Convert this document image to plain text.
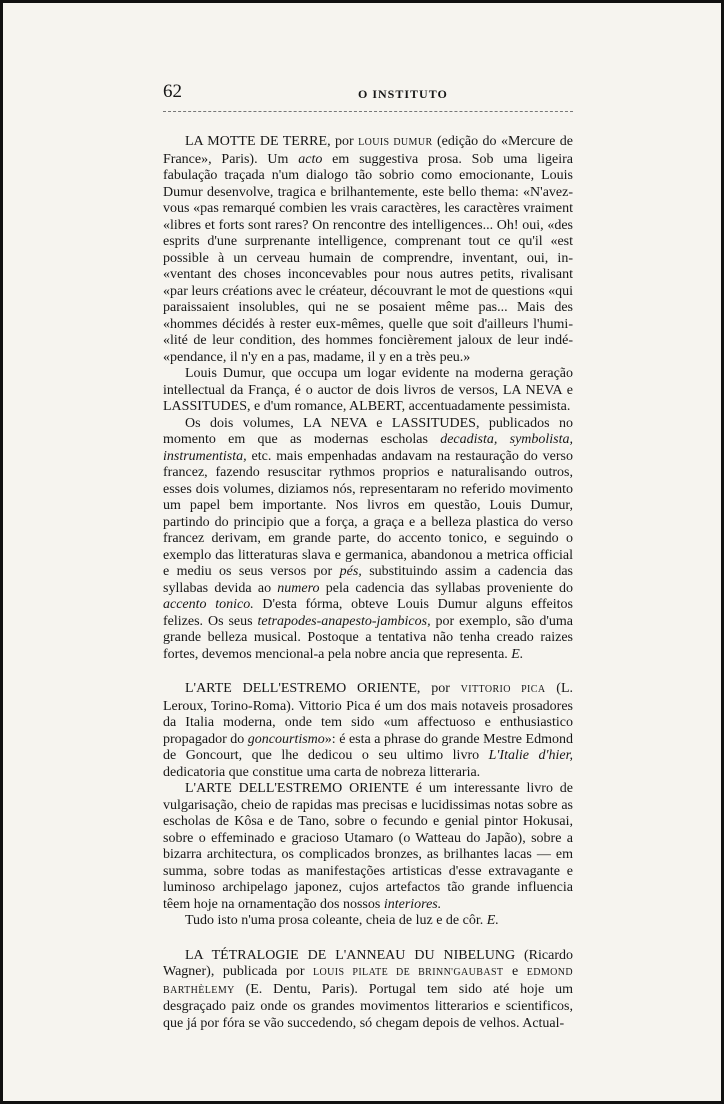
62	O INSTITUTO

LA MOTTE DE TERRE, por LOUIS DUMUR (edição do «Mercure de France», Paris). Um acto em suggestiva prosa. Sob uma ligeira fabulação traçada n'um dialogo tão sobrio como emocionante, Louis Dumur desenvolve, tragica e brilhantemente, este bello thema: «N'avez-vous «pas remarqué combien les vrais caractères, les caractères vraiment «libres et forts sont rares? On rencontre des intelligences... Oh! oui, «des esprits d'une surprenante intelligence, comprenant tout ce qu'il «est possible à un cerveau humain de comprendre, inventant, oui, in- «ventant des choses inconcevables pour nous autres petits, rivalisant «par leurs créations avec le créateur, découvrant le mot de questions «qui paraissaient insolubles, qui ne se posaient même pas... Mais des «hommes décidés à rester eux-mêmes, quelle que soit d'ailleurs l'humi- «lité de leur condition, des hommes foncièrement jaloux de leur indé- «pendance, il n'y en a pas, madame, il y en a très peu.»

Louis Dumur, que occupa um logar evidente na moderna geração intellectual da França, é o auctor de dois livros de versos, LA NEVA e LASSITUDES, e d'um romance, ALBERT, accentuadamente pessimista.

Os dois volumes, LA NEVA e LASSITUDES, publicados no momento em que as modernas escholas decadista, symbolista, instrumentista, etc. mais empenhadas andavam na restauração do verso francez, fazendo resuscitar rythmos proprios e naturalisando outros, esses dois volumes, diziamos nós, representaram no referido movimento um papel bem importante. Nos livros em questão, Louis Dumur, partindo do principio que a força, a graça e a belleza plastica do verso francez derivam, em grande parte, do accento tonico, e seguindo o exemplo das litteraturas slava e germanica, abandonou a metrica official e mediu os seus versos por pés, substituindo assim a cadencia das syllabas devida ao numero pela cadencia das syllabas proveniente do accento tonico. D'esta fórma, obteve Louis Dumur alguns effeitos felizes. Os seus tetrapodes-anapesto-jambicos, por exemplo, são d'uma grande belleza musical. Postoque a tentativa não tenha creado raizes fortes, devemos mencional-a pela nobre ancia que representa. E.

L'ARTE DELL'ESTREMO ORIENTE, por VITTORIO PICA (L. Leroux, Torino-Roma). Vittorio Pica é um dos mais notaveis prosadores da Italia moderna, onde tem sido «um affectuoso e enthusiastico propagador do goncourtismo»: é esta a phrase do grande Mestre Edmond de Goncourt, que lhe dedicou o seu ultimo livro L'Italie d'hier, dedicatoria que constitue uma carta de nobreza litteraria.

L'ARTE DELL'ESTREMO ORIENTE é um interessante livro de vulgarisação, cheio de rapidas mas precisas e lucidissimas notas sobre as escholas de Kôsa e de Tano, sobre o fecundo e genial pintor Hokusai, sobre o effeminado e gracioso Utamaro (o Watteau do Japão), sobre a bizarra architectura, os complicados bronzes, as brilhantes lacas — em summa, sobre todas as manifestações artisticas d'esse extravagante e luminoso archipelago japonez, cujos artefactos tão grande influencia têem hoje na ornamentação dos nossos interiores.

Tudo isto n'uma prosa coleante, cheia de luz e de côr. E.

LA TÉTRALOGIE DE L'ANNEAU DU NIBELUNG (Ricardo Wagner), publicada por LOUIS PILATE DE BRINN'GAUBAST e EDMOND BARTHÈLEMY (E. Dentu, Paris). Portugal tem sido até hoje um desgraçado paiz onde os grandes movimentos litterarios e scientificos, que já por fóra se vão succedendo, só chegam depois de velhos. Actual-
